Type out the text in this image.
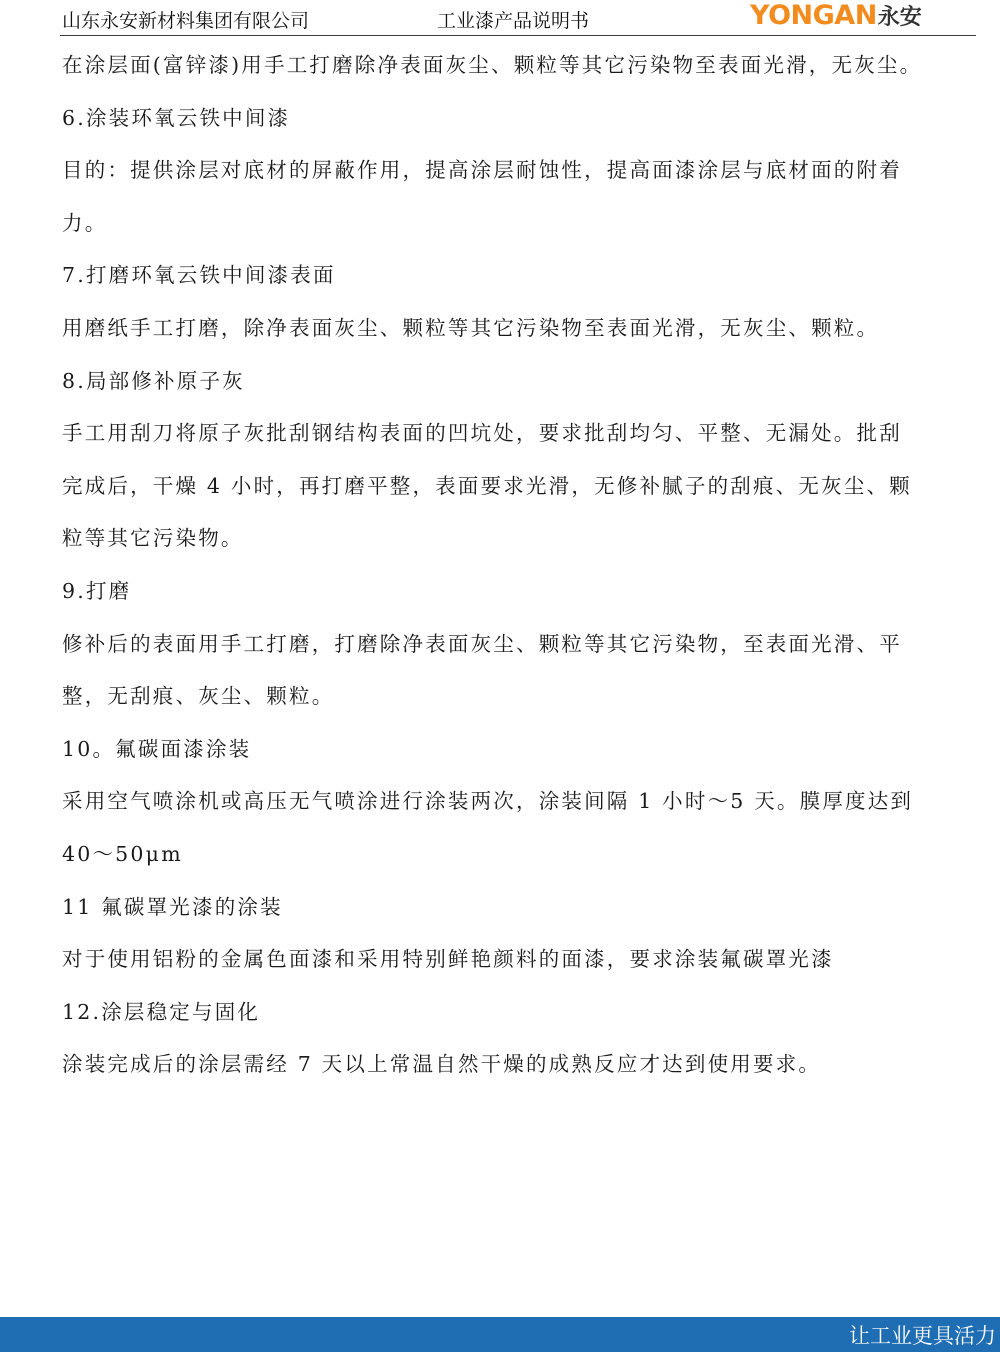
山东永安新材料集团有限公司	工业漆产品说明书	YONGAN永安
在涂层面(富锌漆)用手工打磨除净表面灰尘、颗粒等其它污染物至表面光滑，无灰尘。
6.涂装环氧云铁中间漆
目的：提供涂层对底材的屏蔽作用，提高涂层耐蚀性，提高面漆涂层与底材面的附着
力。
7.打磨环氧云铁中间漆表面
用磨纸手工打磨，除净表面灰尘、颗粒等其它污染物至表面光滑，无灰尘、颗粒。
8.局部修补原子灰
手工用刮刀将原子灰批刮钢结构表面的凹坑处，要求批刮均匀、平整、无漏处。批刮
完成后，干燥 4 小时，再打磨平整，表面要求光滑，无修补腻子的刮痕、无灰尘、颗
粒等其它污染物。
9.打磨
修补后的表面用手工打磨，打磨除净表面灰尘、颗粒等其它污染物，至表面光滑、平
整，无刮痕、灰尘、颗粒。
10。氟碳面漆涂装
采用空气喷涂机或高压无气喷涂进行涂装两次，涂装间隔 1 小时～5 天。膜厚度达到
40～50μm
11 氟碳罩光漆的涂装
对于使用铝粉的金属色面漆和采用特别鲜艳颜料的面漆，要求涂装氟碳罩光漆
12.涂层稳定与固化
涂装完成后的涂层需经 7 天以上常温自然干燥的成熟反应才达到使用要求。
让工业更具活力
